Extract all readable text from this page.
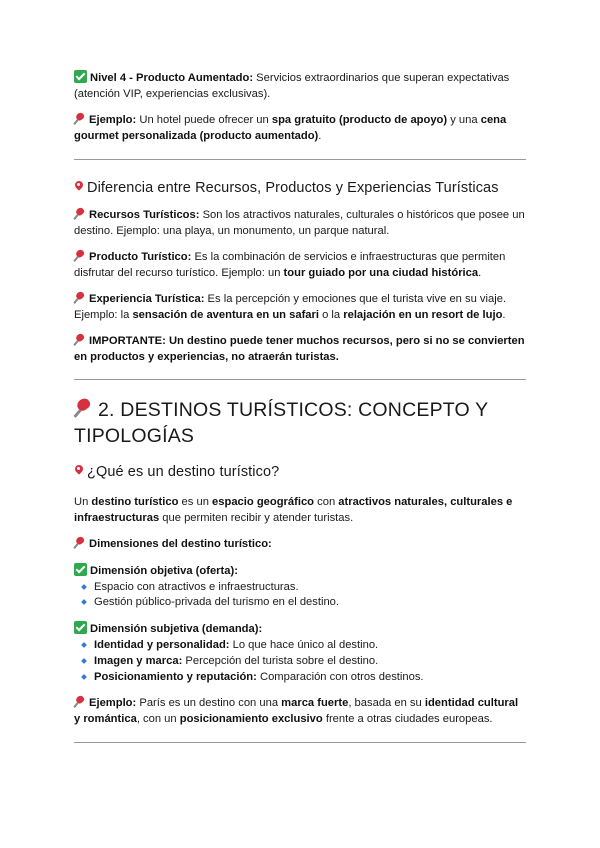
Nivel 4 - Producto Aumentado: Servicios extraordinarios que superan expectativas (atención VIP, experiencias exclusivas).

Ejemplo: Un hotel puede ofrecer un spa gratuito (producto de apoyo) y una cena gourmet personalizada (producto aumentado).

Diferencia entre Recursos, Productos y Experiencias Turísticas

Recursos Turísticos: Son los atractivos naturales, culturales o históricos que posee un destino. Ejemplo: una playa, un monumento, un parque natural.

Producto Turístico: Es la combinación de servicios e infraestructuras que permiten disfrutar del recurso turístico. Ejemplo: un tour guiado por una ciudad histórica.

Experiencia Turística: Es la percepción y emociones que el turista vive en su viaje. Ejemplo: la sensación de aventura en un safari o la relajación en un resort de lujo.

IMPORTANTE: Un destino puede tener muchos recursos, pero si no se convierten en productos y experiencias, no atraerán turistas.

2. DESTINOS TURÍSTICOS: CONCEPTO Y TIPOLOGÍAS
¿Qué es un destino turístico?

Un destino turístico es un espacio geográfico con atractivos naturales, culturales e infraestructuras que permiten recibir y atender turistas.

Dimensiones del destino turístico:

Dimensión objetiva (oferta):

Espacio con atractivos e infraestructuras.
Gestión público-privada del turismo en el destino.

Dimensión subjetiva (demanda):

Identidad y personalidad: Lo que hace único al destino.
Imagen y marca: Percepción del turista sobre el destino.
Posicionamiento y reputación: Comparación con otros destinos.

Ejemplo: París es un destino con una marca fuerte, basada en su identidad cultural y romántica, con un posicionamiento exclusivo frente a otras ciudades europeas.
